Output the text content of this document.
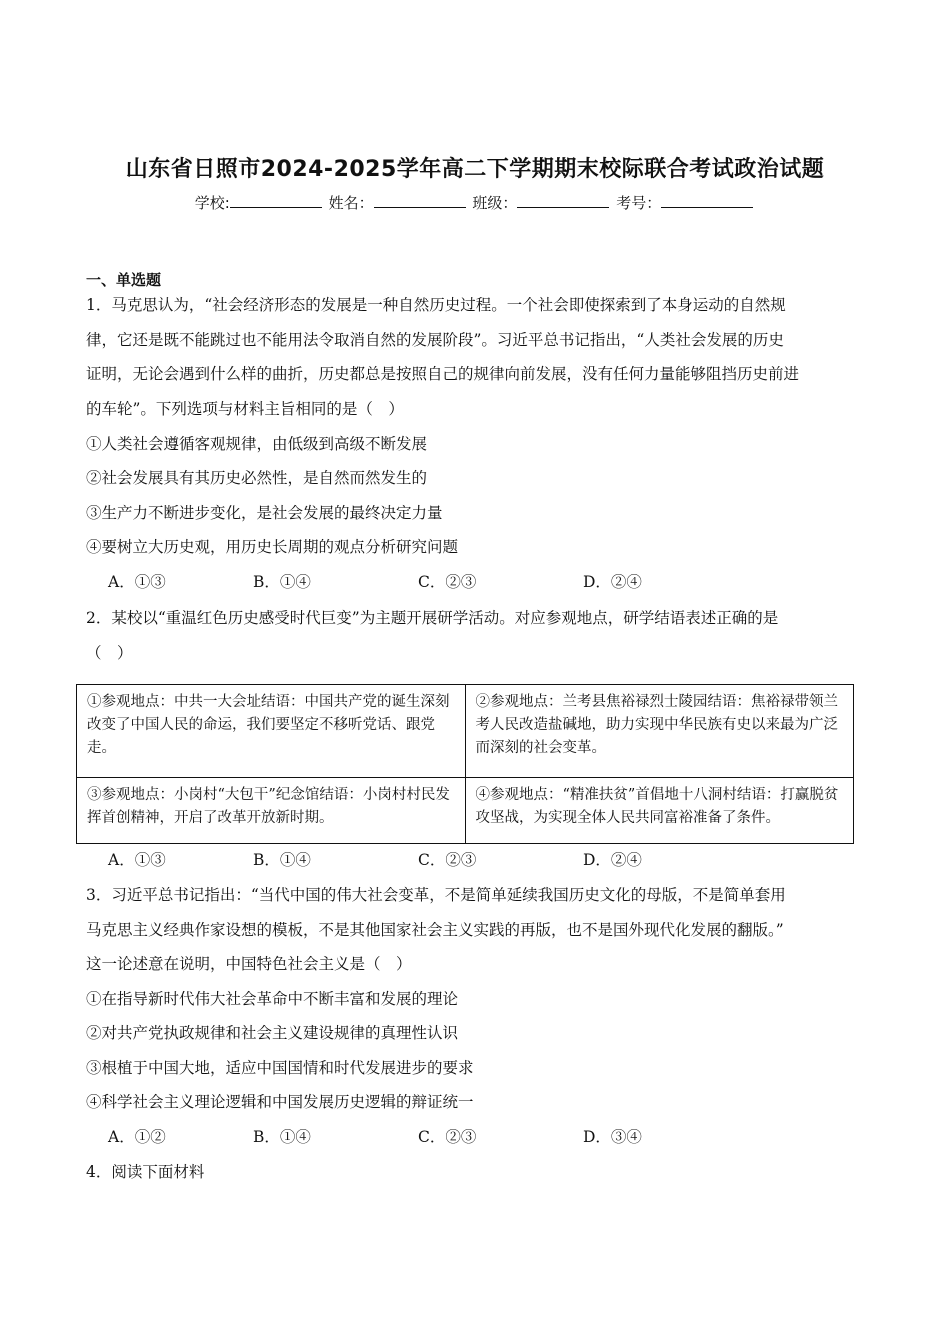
山东省日照市2024-2025学年高二下学期期末校际联合考试政治试题
学校:	姓名：	班级：	考号：
一、单选题
1．马克思认为，“社会经济形态的发展是一种自然历史过程。一个社会即使探索到了本身运动的自然规
律，它还是既不能跳过也不能用法令取消自然的发展阶段”。习近平总书记指出，“人类社会发展的历史
证明，无论会遇到什么样的曲折，历史都总是按照自己的规律向前发展，没有任何力量能够阻挡历史前进
的车轮”。下列选项与材料主旨相同的是（　）
①人类社会遵循客观规律，由低级到高级不断发展
②社会发展具有其历史必然性，是自然而然发生的
③生产力不断进步变化，是社会发展的最终决定力量
④要树立大历史观，用历史长周期的观点分析研究问题
A．①③	B．①④	C．②③	D．②④
2．某校以“重温红色历史感受时代巨变”为主题开展研学活动。对应参观地点，研学结语表述正确的是
（　）
①参观地点：中共一大会址结语：中国共产党的诞生深刻改变了中国人民的命运，我们要坚定不移听党话、跟党走。	②参观地点：兰考县焦裕禄烈士陵园结语：焦裕禄带领兰考人民改造盐碱地，助力实现中华民族有史以来最为广泛而深刻的社会变革。
③参观地点：小岗村“大包干”纪念馆结语：小岗村村民发挥首创精神，开启了改革开放新时期。	④参观地点：“精准扶贫”首倡地十八洞村结语：打赢脱贫攻坚战，为实现全体人民共同富裕准备了条件。
A．①③	B．①④	C．②③	D．②④
3．习近平总书记指出：“当代中国的伟大社会变革，不是简单延续我国历史文化的母版，不是简单套用
马克思主义经典作家设想的模板，不是其他国家社会主义实践的再版，也不是国外现代化发展的翻版。”
这一论述意在说明，中国特色社会主义是（　）
①在指导新时代伟大社会革命中不断丰富和发展的理论
②对共产党执政规律和社会主义建设规律的真理性认识
③根植于中国大地，适应中国国情和时代发展进步的要求
④科学社会主义理论逻辑和中国发展历史逻辑的辩证统一
A．①②	B．①④	C．②③	D．③④
4．阅读下面材料
